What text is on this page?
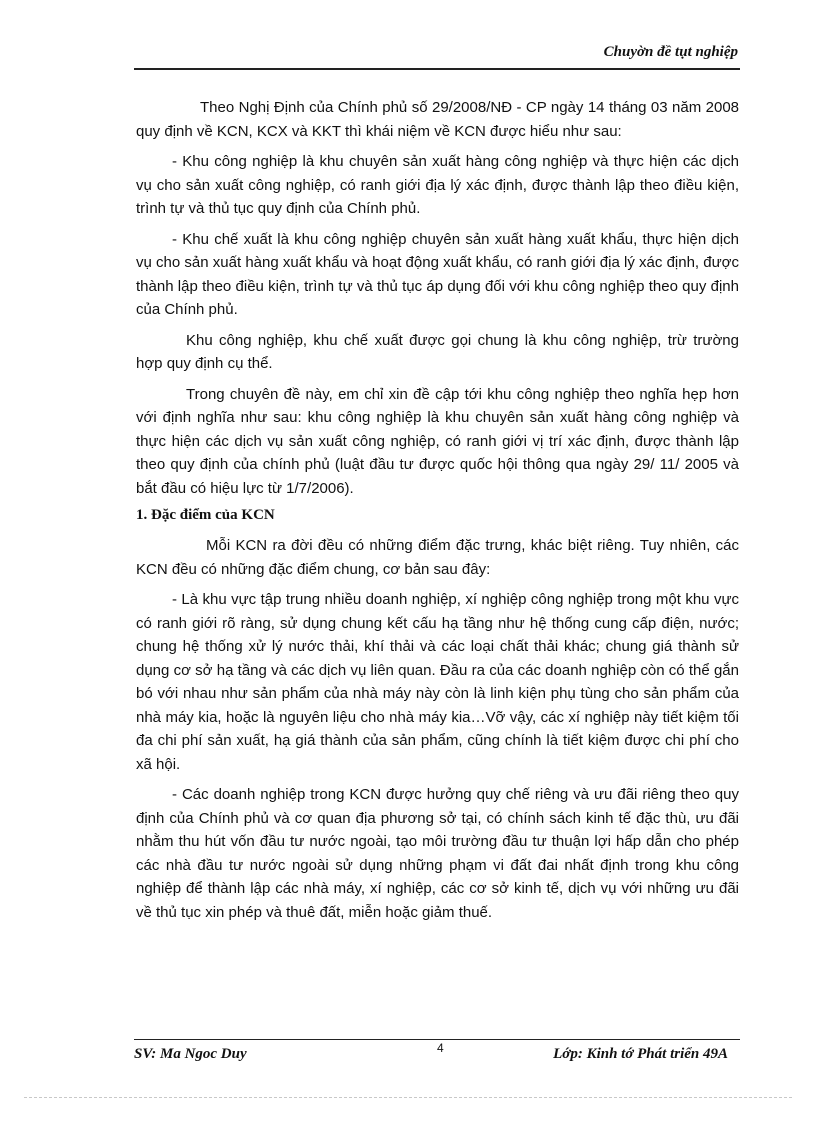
Chuyờn đề tụt nghiệp

Theo Nghị Định của Chính phủ số 29/2008/NĐ - CP ngày 14 tháng 03 năm 2008 quy định về KCN, KCX và KKT thì khái niệm về KCN được hiểu như sau:

- Khu công nghiệp là khu chuyên sản xuất hàng công nghiệp và thực hiện các dịch vụ cho sản xuất công nghiệp, có ranh giới địa lý xác định, được thành lập theo điều kiện, trình tự và thủ tục quy định của Chính phủ.

- Khu chế xuất là khu công nghiệp chuyên sản xuất hàng xuất khẩu, thực hiện dịch vụ cho sản xuất hàng xuất khẩu và hoạt động xuất khẩu, có ranh giới địa lý xác định, được thành lập theo điều kiện, trình tự và thủ tục áp dụng đối với khu công nghiệp theo quy định của Chính phủ.

Khu công nghiệp, khu chế xuất được gọi chung là khu công nghiệp, trừ trường hợp quy định cụ thể.

Trong chuyên đề này, em chỉ xin đề cập tới khu công nghiệp theo nghĩa hẹp hơn với định nghĩa như sau: khu công nghiệp là khu chuyên sản xuất hàng công nghiệp và thực hiện các dịch vụ sản xuất công nghiệp, có ranh giới vị trí xác định, được thành lập theo quy định của chính phủ (luật đầu tư được quốc hội thông qua ngày 29/ 11/ 2005 và bắt đầu có hiệu lực từ 1/7/2006).

1. Đặc điểm của KCN

Mỗi KCN ra đời đều có những điểm đặc trưng, khác biệt riêng. Tuy nhiên, các KCN đều có những đặc điểm chung, cơ bản sau đây:

- Là khu vực tập trung nhiều doanh nghiệp, xí nghiệp công nghiệp trong một khu vực có ranh giới rõ ràng, sử dụng chung kết cấu hạ tầng như hệ thống cung cấp điện, nước; chung hệ thống xử lý nước thải, khí thải và các loại chất thải khác; chung giá thành sử dụng cơ sở hạ tầng và các dịch vụ liên quan. Đầu ra của các doanh nghiệp còn có thể gắn bó với nhau như sản phẩm của nhà máy này còn là linh kiện phụ tùng cho sản phẩm của nhà máy kia, hoặc là nguyên liệu cho nhà máy kia…Vỡ vậy, các xí nghiệp này tiết kiệm tối đa chi phí sản xuất, hạ giá thành của sản phẩm, cũng chính là tiết kiệm được chi phí cho xã hội.

- Các doanh nghiệp trong KCN được hưởng quy chế riêng và ưu đãi riêng theo quy định của Chính phủ và cơ quan địa phương sở tại, có chính sách kinh tế đặc thù, ưu đãi nhằm thu hút vốn đầu tư nước ngoài, tạo môi trường đầu tư thuận lợi hấp dẫn cho phép các nhà đầu tư nước ngoài sử dụng những phạm vi đất đai nhất định trong khu công nghiệp để thành lập các nhà máy, xí nghiệp, các cơ sở kinh tế, dịch vụ với những ưu đãi về thủ tục xin phép và thuê đất, miễn hoặc giảm thuế.

SV: Ma Ngoc Duy	4	Lớp: Kinh tớ Phát triển 49A
